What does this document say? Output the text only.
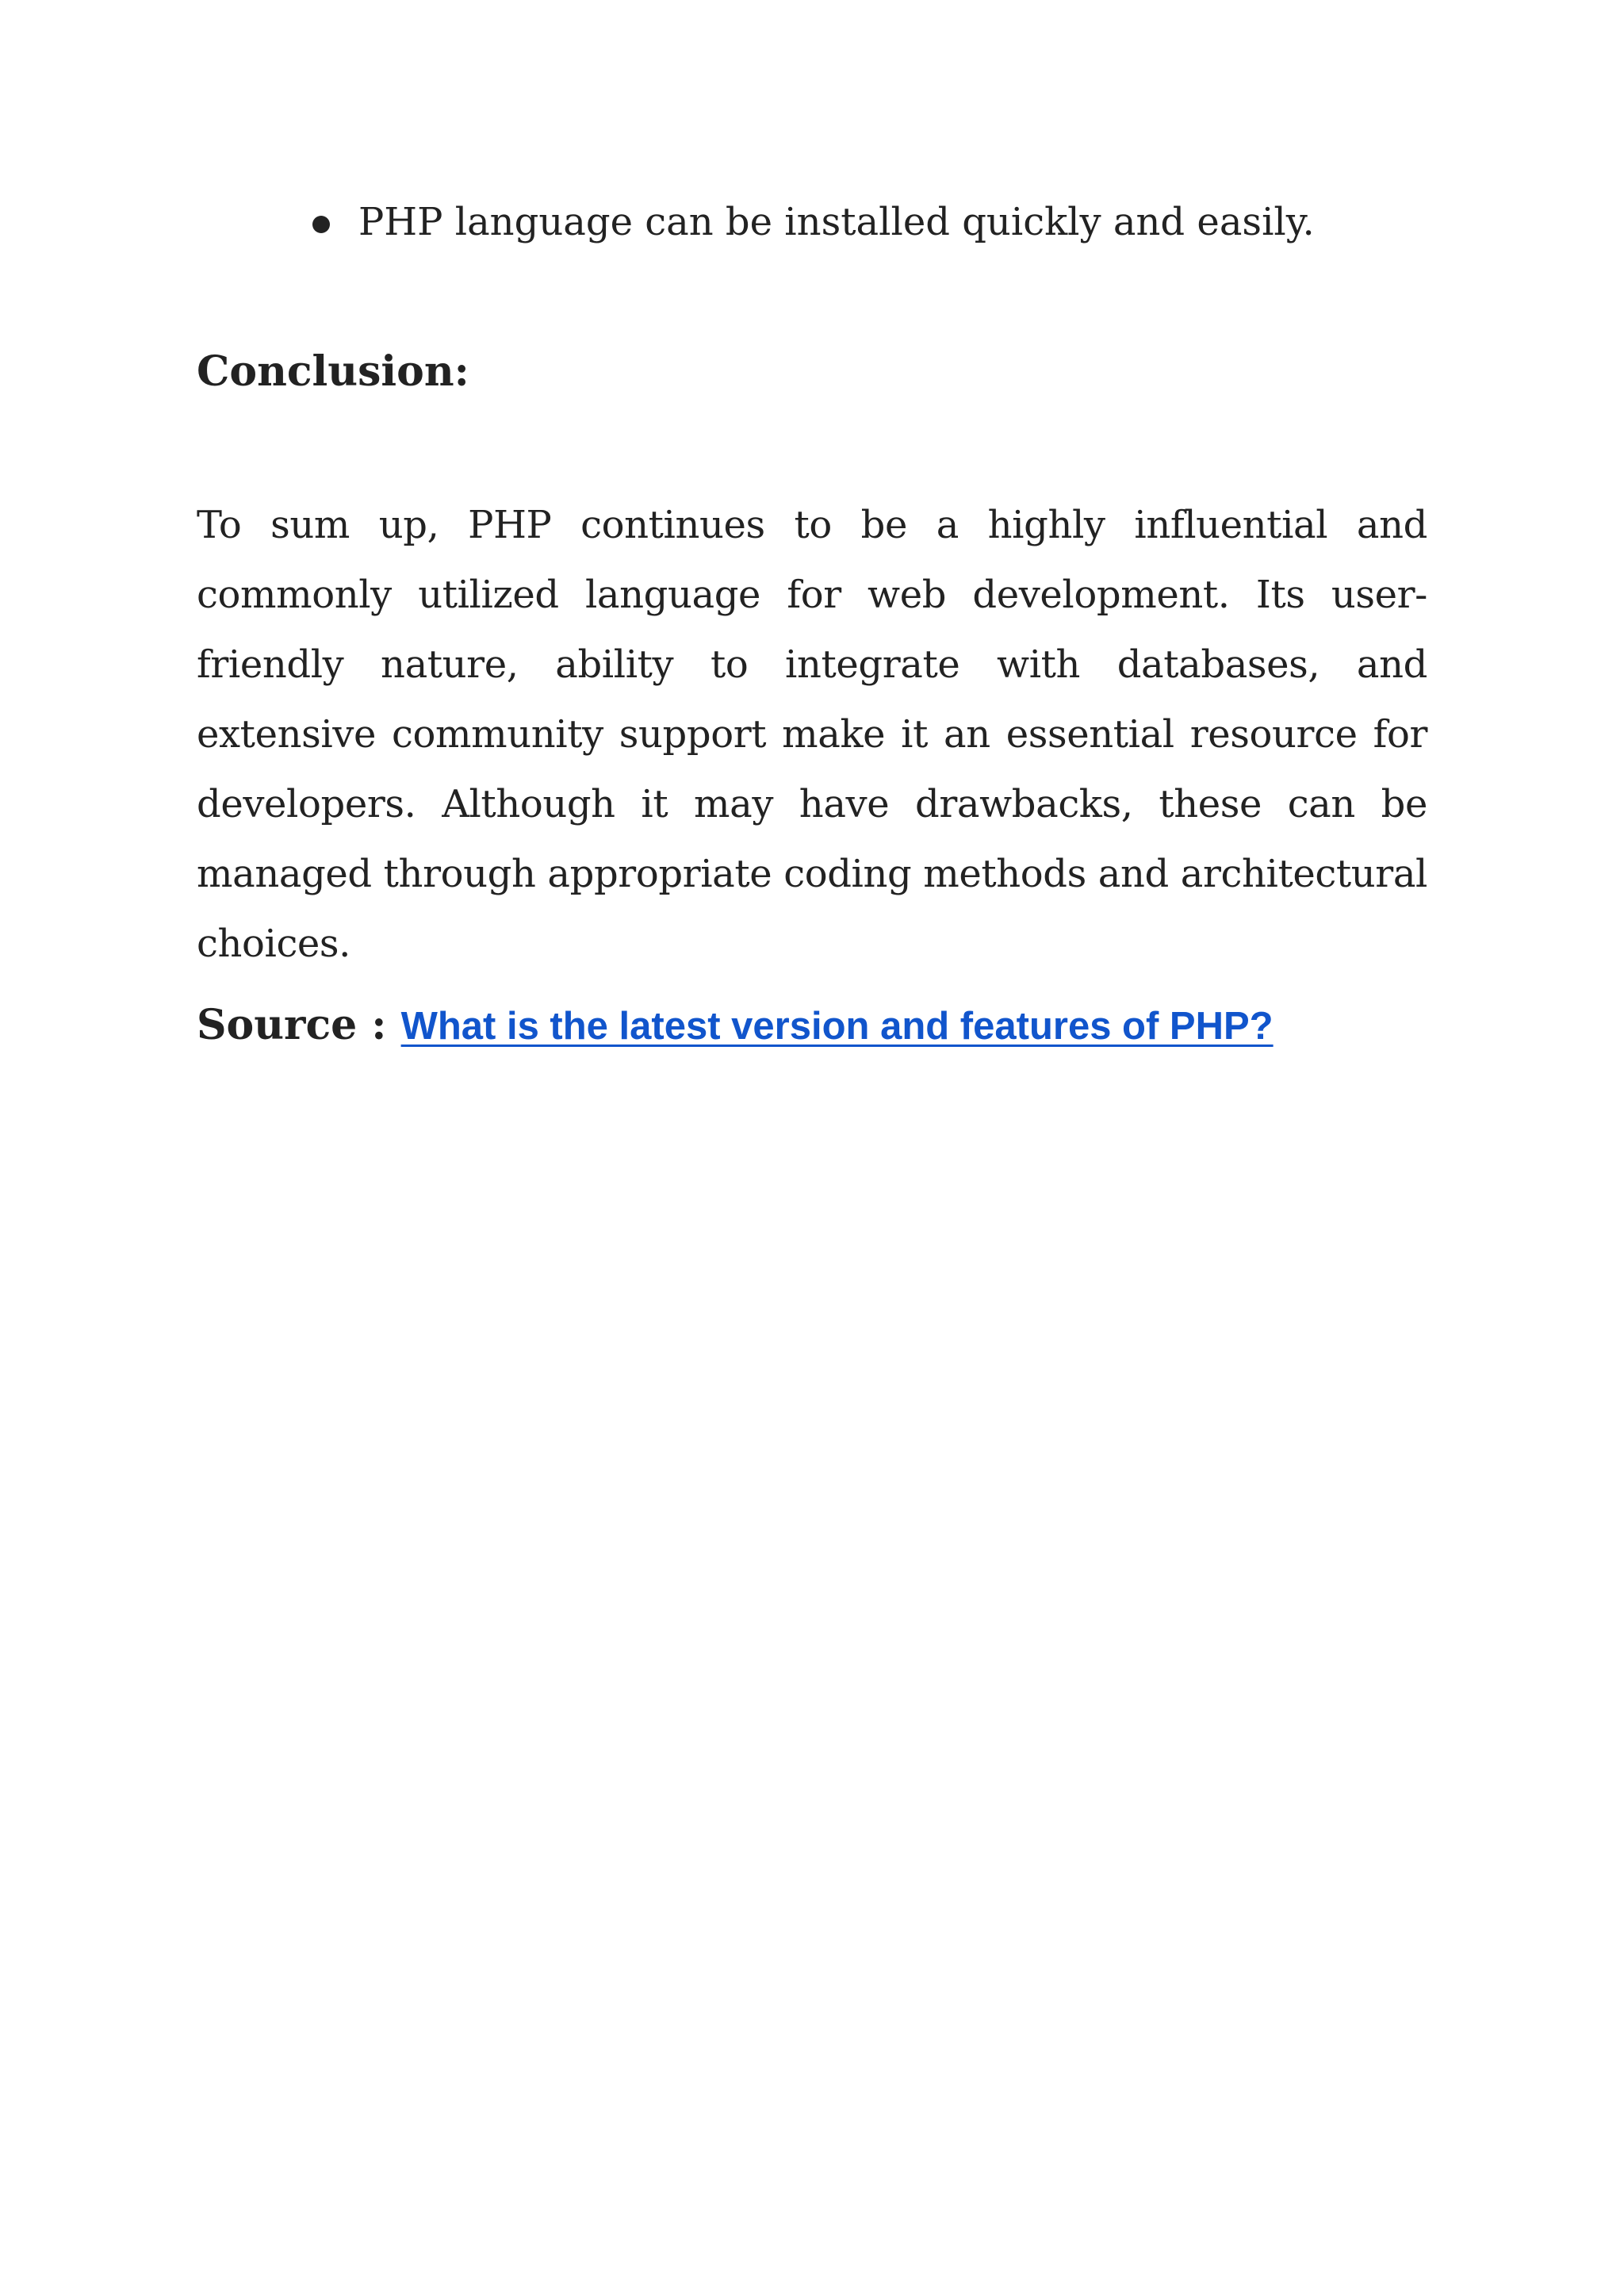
PHP language can be installed quickly and easily.
Conclusion:

To sum up, PHP continues to be a highly influential and commonly utilized language for web development. Its user-friendly nature, ability to integrate with databases, and extensive community support make it an essential resource for developers. Although it may have drawbacks, these can be managed through appropriate coding methods and architectural choices.

Source : What is the latest version and features of PHP?
